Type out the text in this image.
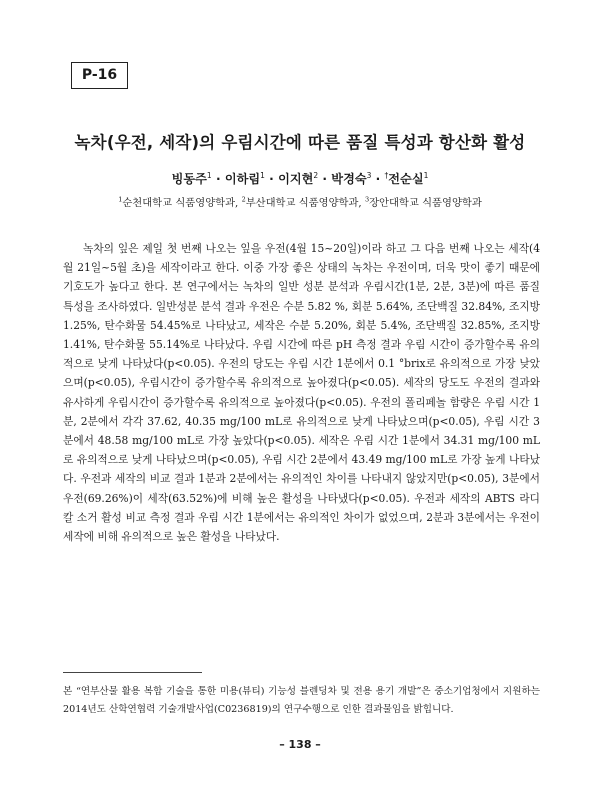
P-16
녹차(우전, 세작)의 우림시간에 따른 품질 특성과 항산화 활성
빙동주$^1$ · 이하림$^1$ · 이지현$^2$ · 박경숙$^3$ · †전순실$^1$
$^1$순천대학교 식품영양학과, $^2$부산대학교 식품영양학과, $^3$장안대학교 식품영양학과

녹차의 잎은 제일 첫 번째 나오는 잎을 우전(4월 15~20일)이라 하고 그 다음 번째 나오는 세작(4월 21일~5월 초)을 세작이라고 한다. 이중 가장 좋은 상태의 녹차는 우전이며, 더욱 맛이 좋기 때문에 기호도가 높다고 한다. 본 연구에서는 녹차의 일반 성분 분석과 우림시간(1분, 2분, 3분)에 따른 품질 특성을 조사하였다. 일반성분 분석 결과 우전은 수분 5.82 %, 회분 5.64%, 조단백질 32.84%, 조지방 1.25%, 탄수화물 54.45%로 나타났고, 세작은 수분 5.20%, 회분 5.4%, 조단백질 32.85%, 조지방 1.41%, 탄수화물 55.14%로 나타났다. 우림 시간에 따른 pH 측정 결과 우림 시간이 증가할수록 유의적으로 낮게 나타났다(p<0.05). 우전의 당도는 우림 시간 1분에서 0.1 °brix로 유의적으로 가장 낮았으며(p<0.05), 우림시간이 증가할수록 유의적으로 높아졌다(p<0.05). 세작의 당도도 우전의 결과와 유사하게 우림시간이 증가할수록 유의적으로 높아졌다(p<0.05). 우전의 폴리페놀 함량은 우림 시간 1분, 2분에서 각각 37.62, 40.35 mg/100 mL로 유의적으로 낮게 나타났으며(p<0.05), 우림 시간 3분에서 48.58 mg/100 mL로 가장 높았다(p<0.05). 세작은 우림 시간 1분에서 34.31 mg/100 mL로 유의적으로 낮게 나타났으며(p<0.05), 우림 시간 2분에서 43.49 mg/100 mL로 가장 높게 나타났다. 우전과 세작의 비교 결과 1분과 2분에서는 유의적인 차이를 나타내지 않았지만(p<0.05), 3분에서 우전(69.26%)이 세작(63.52%)에 비해 높은 활성을 나타냈다(p<0.05). 우전과 세작의 ABTS 라디칼 소거 활성 비교 측정 결과 우림 시간 1분에서는 유의적인 차이가 없었으며, 2분과 3분에서는 우전이 세작에 비해 유의적으로 높은 활성을 나타났다.

본 “연부산물 활용 복합 기술을 통한 미용(뷰티) 기능성 블렌딩차 및 전용 용기 개발”은 중소기업청에서 지원하는 2014년도 산학연협력 기술개발사업(C0236819)의 연구수행으로 인한 결과물임을 밝힙니다.

– 138 –
